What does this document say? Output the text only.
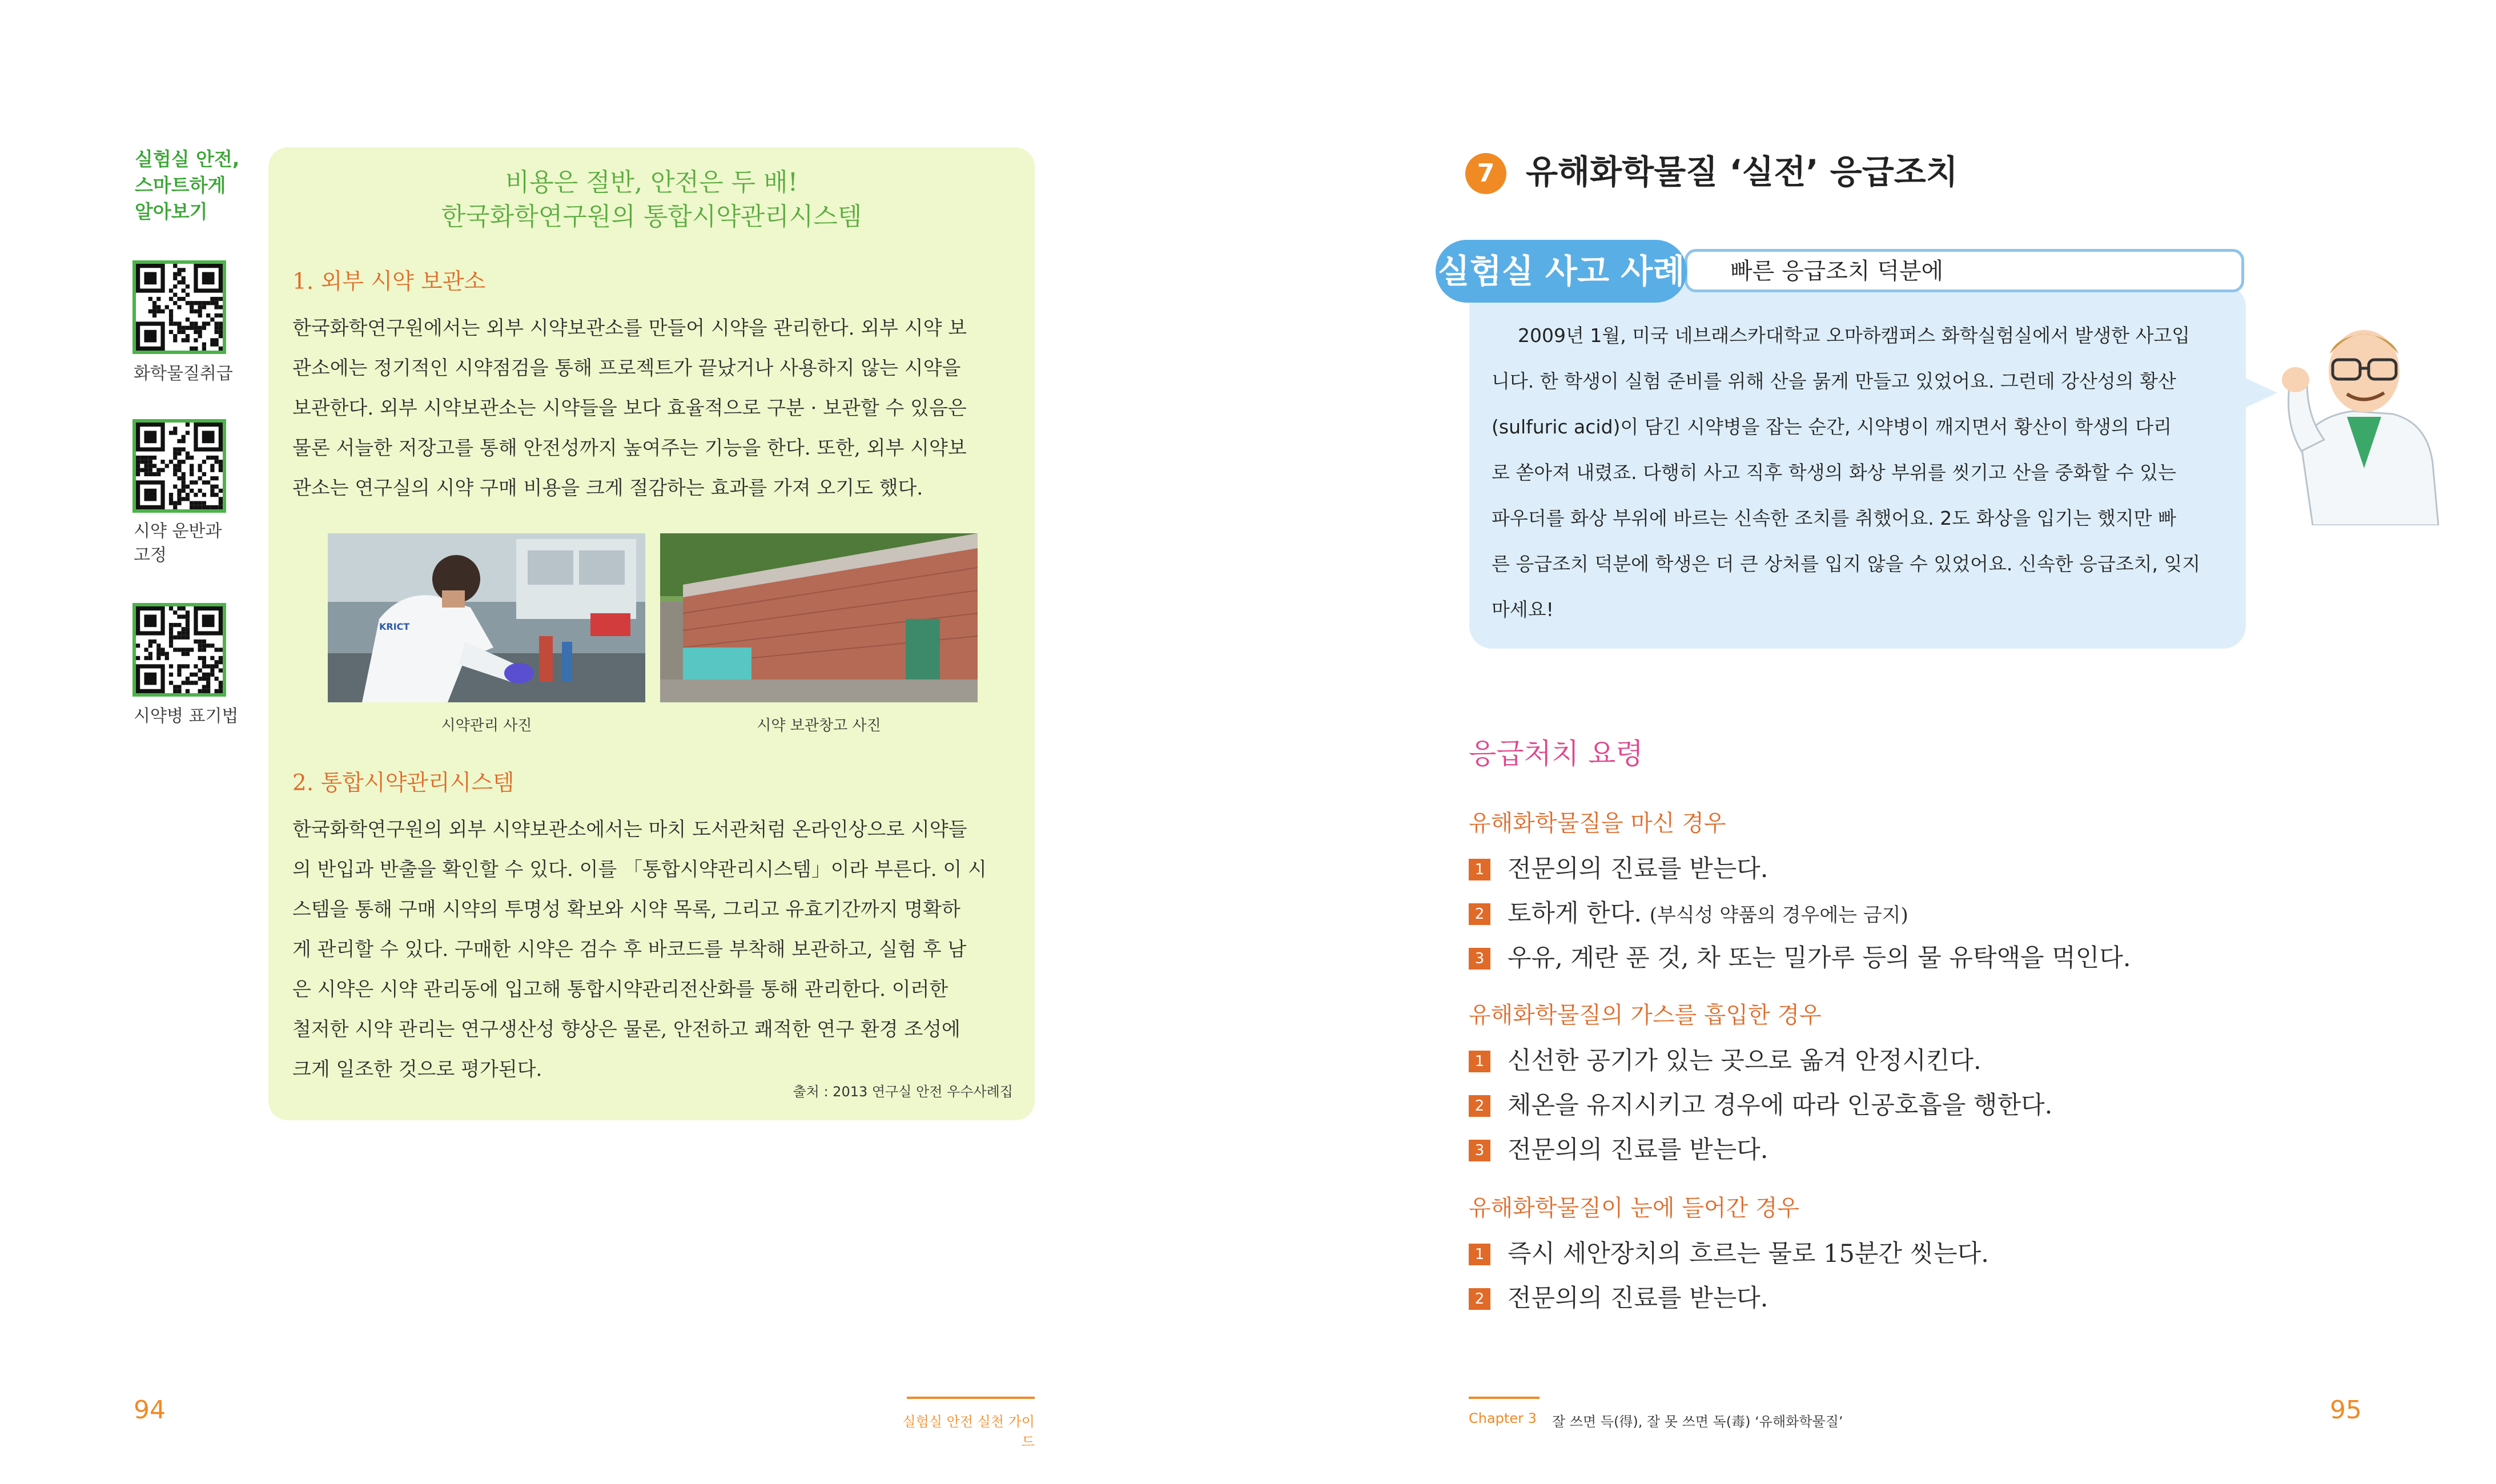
실험실 안전,
스마트하게
알아보기
화학물질취급
시약 운반과
고정
시약병 표기법
비용은 절반, 안전은 두 배!
한국화학연구원의 통합시약관리시스템
1. 외부 시약 보관소
한국화학연구원에서는 외부 시약보관소를 만들어 시약을 관리한다. 외부 시약 보
관소에는 정기적인 시약점검을 통해 프로젝트가 끝났거나 사용하지 않는 시약을
보관한다. 외부 시약보관소는 시약들을 보다 효율적으로 구분 · 보관할 수 있음은
물론 서늘한 저장고를 통해 안전성까지 높여주는 기능을 한다. 또한, 외부 시약보
관소는 연구실의 시약 구매 비용을 크게 절감하는 효과를 가져 오기도 했다.
KRICT
시약관리 사진	시약 보관창고 사진
2. 통합시약관리시스템
한국화학연구원의 외부 시약보관소에서는 마치 도서관처럼 온라인상으로 시약들
의 반입과 반출을 확인할 수 있다. 이를 「통합시약관리시스템」이라 부른다. 이 시
스템을 통해 구매 시약의 투명성 확보와 시약 목록, 그리고 유효기간까지 명확하
게 관리할 수 있다. 구매한 시약은 검수 후 바코드를 부착해 보관하고, 실험 후 남
은 시약은 시약 관리동에 입고해 통합시약관리전산화를 통해 관리한다. 이러한
철저한 시약 관리는 연구생산성 향상은 물론, 안전하고 쾌적한 연구 환경 조성에
크게 일조한 것으로 평가된다.
출처 : 2013 연구실 안전 우수사례집
94	실험실 안전 실천 가이드
7 유해화학물질 ‘실전’ 응급조치
빠른 응급조치 덕분에
실험실 사고 사례
2009년 1월, 미국 네브래스카대학교 오마하캠퍼스 화학실험실에서 발생한 사고입
니다. 한 학생이 실험 준비를 위해 산을 묽게 만들고 있었어요. 그런데 강산성의 황산
(sulfuric acid)이 담긴 시약병을 잡는 순간, 시약병이 깨지면서 황산이 학생의 다리
로 쏟아져 내렸죠. 다행히 사고 직후 학생의 화상 부위를 씻기고 산을 중화할 수 있는
파우더를 화상 부위에 바르는 신속한 조치를 취했어요. 2도 화상을 입기는 했지만 빠
른 응급조치 덕분에 학생은 더 큰 상처를 입지 않을 수 있었어요. 신속한 응급조치, 잊지
마세요!
응급처치 요령
유해화학물질을 마신 경우
1 전문의의 진료를 받는다.
2 토하게 한다. (부식성 약품의 경우에는 금지)
3 우유, 계란 푼 것, 차 또는 밀가루 등의 물 유탁액을 먹인다.
유해화학물질의 가스를 흡입한 경우
1 신선한 공기가 있는 곳으로 옮겨 안정시킨다.
2 체온을 유지시키고 경우에 따라 인공호흡을 행한다.
3 전문의의 진료를 받는다.
유해화학물질이 눈에 들어간 경우
1 즉시 세안장치의 흐르는 물로 15분간 씻는다.
2 전문의의 진료를 받는다.
Chapter 3 잘 쓰면 득(得), 잘 못 쓰면 독(毒) ‘유해화학물질’	95
